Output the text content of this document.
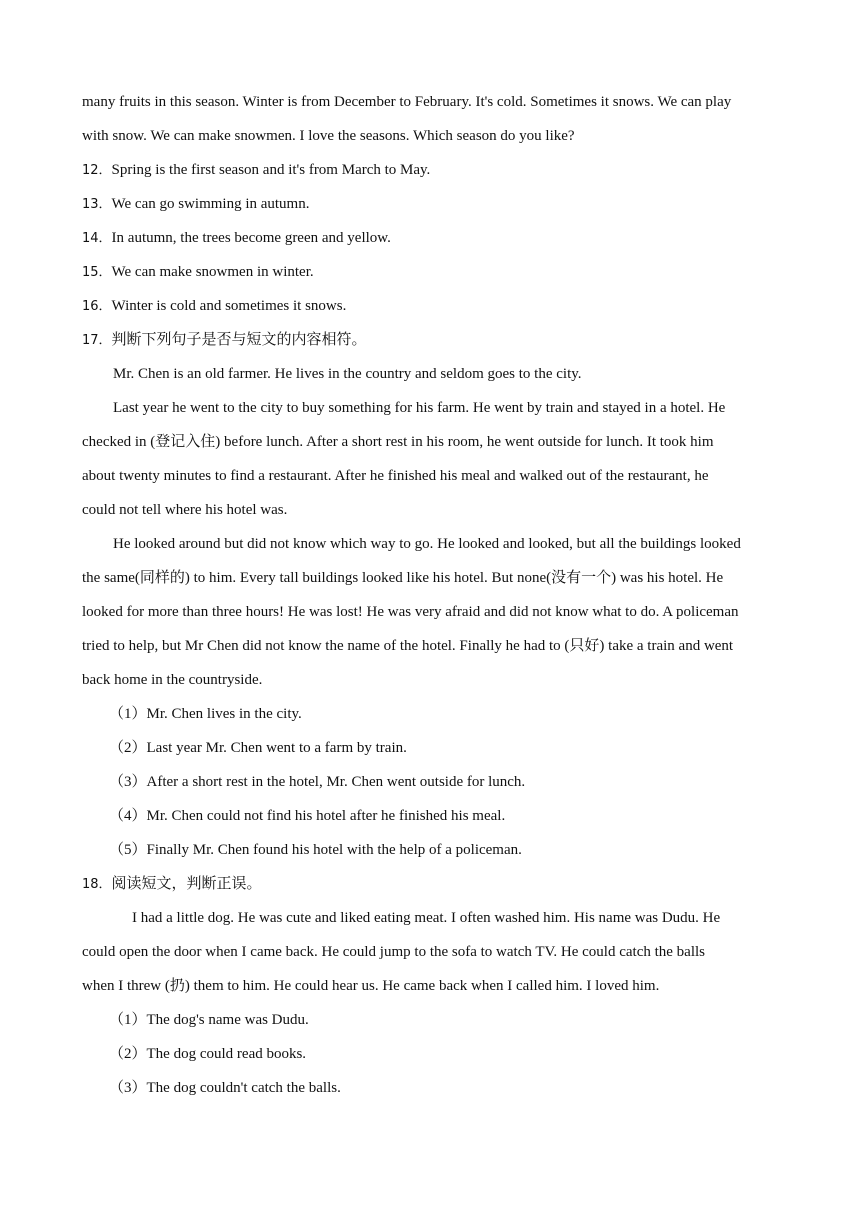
many fruits in this season. Winter is from December to February. It's cold. Sometimes it snows. We can play
with snow. We can make snowmen. I love the seasons. Which season do you like?
12．Spring is the first season and it's from March to May.
13．We can go swimming in autumn.
14．In autumn, the trees become green and yellow.
15．We can make snowmen in winter.
16．Winter is cold and sometimes it snows.
17．判断下列句子是否与短文的内容相符。
Mr. Chen is an old farmer. He lives in the country and seldom goes to the city.
Last year he went to the city to buy something for his farm. He went by train and stayed in a hotel. He
checked in (登记入住) before lunch. After a short rest in his room, he went outside for lunch. It took him
about twenty minutes to find a restaurant. After he finished his meal and walked out of the restaurant, he
could not tell where his hotel was.
He looked around but did not know which way to go. He looked and looked, but all the buildings looked
the same(同样的) to him. Every tall buildings looked like his hotel. But none(没有一个) was his hotel. He
looked for more than three hours! He was lost! He was very afraid and did not know what to do. A policeman
tried to help, but Mr Chen did not know the name of the hotel. Finally he had to (只好) take a train and went
back home in the countryside.
（1）Mr. Chen lives in the city.
（2）Last year Mr. Chen went to a farm by train.
（3）After a short rest in the hotel, Mr. Chen went outside for lunch.
（4）Mr. Chen could not find his hotel after he finished his meal.
（5）Finally Mr. Chen found his hotel with the help of a policeman.
18．阅读短文，判断正误。
I had a little dog. He was cute and liked eating meat. I often washed him. His name was Dudu. He
could open the door when I came back. He could jump to the sofa to watch TV. He could catch the balls
when I threw (扔) them to him. He could hear us. He came back when I called him. I loved him.
（1）The dog's name was Dudu.
（2）The dog could read books.
（3）The dog couldn't catch the balls.
